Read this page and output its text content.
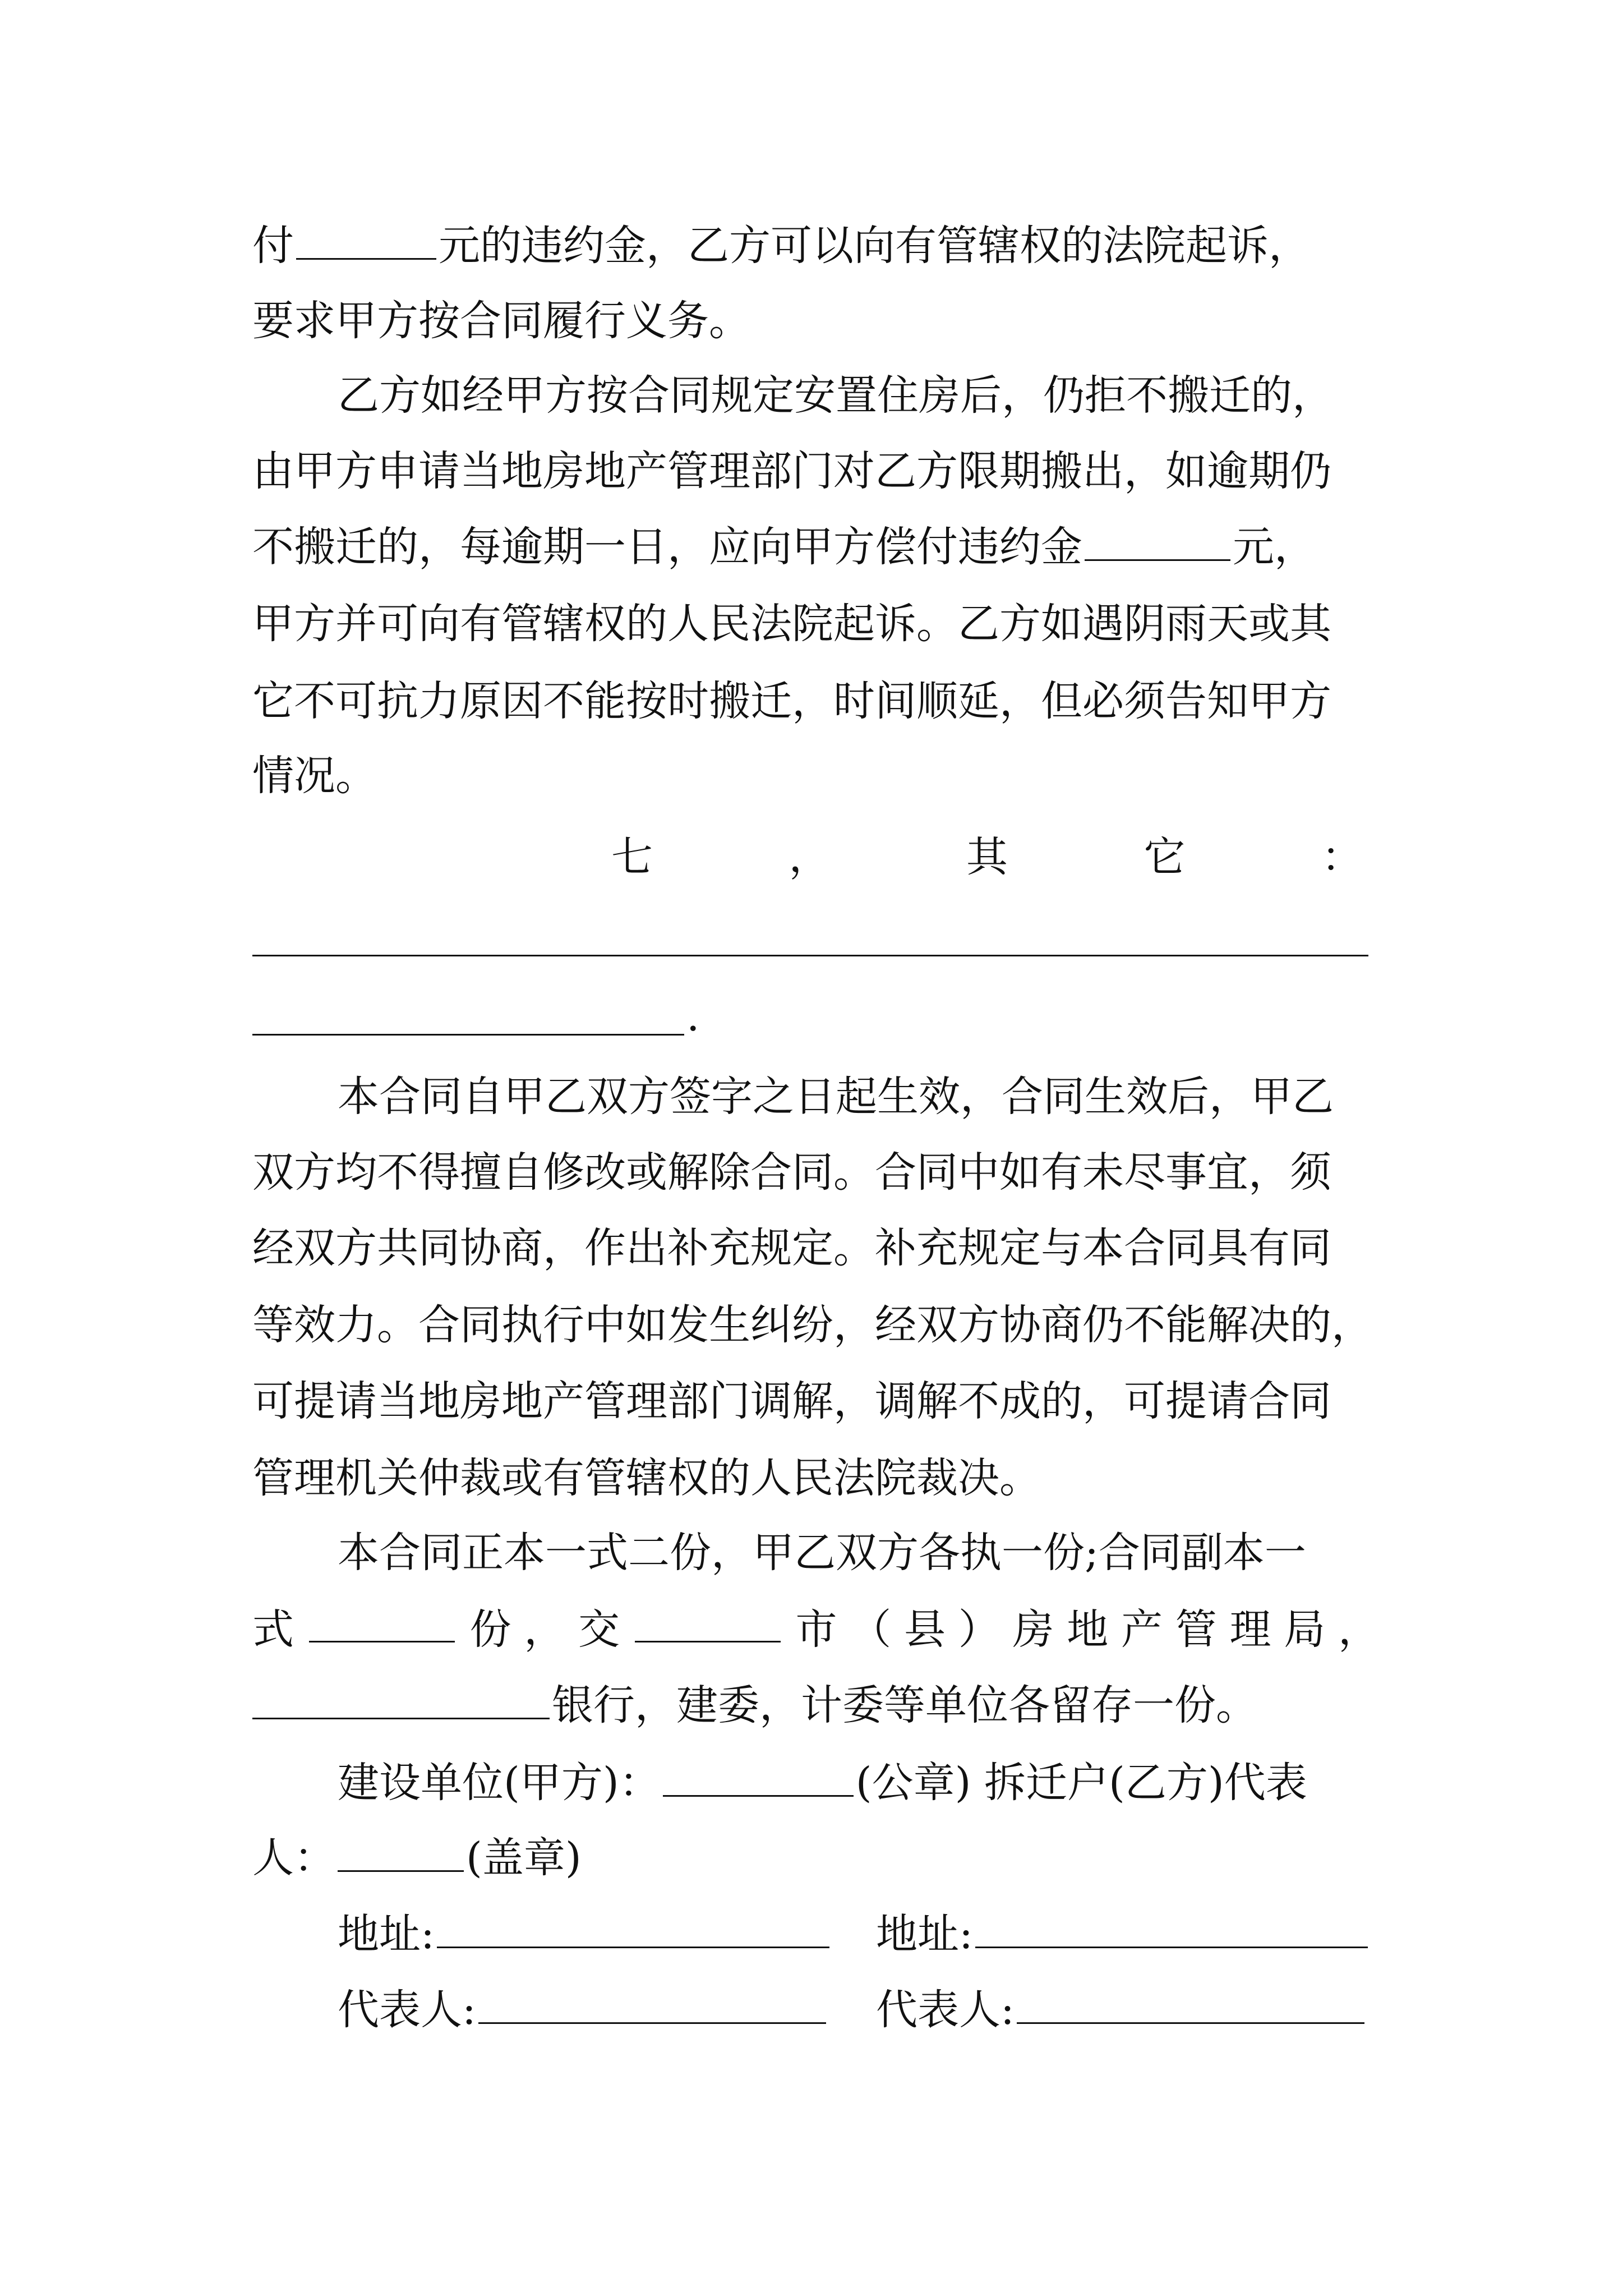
付	元的违约金，乙方可以向有管辖权的法院起诉，
要求甲方按合同履行义务。
乙方如经甲方按合同规定安置住房后，仍拒不搬迁的，
由甲方申请当地房地产管理部门对乙方限期搬出，如逾期仍
不搬迁的，每逾期一日，应向甲方偿付违约金	元，
甲方并可向有管辖权的人民法院起诉。乙方如遇阴雨天或其
它不可抗力原因不能按时搬迁，时间顺延，但必须告知甲方
情况。
七	，	其	它	：
.
本合同自甲乙双方签字之日起生效，合同生效后，甲乙
双方均不得擅自修改或解除合同。合同中如有未尽事宜，须
经双方共同协商，作出补充规定。补充规定与本合同具有同
等效力。合同执行中如发生纠纷，经双方协商仍不能解决的，
可提请当地房地产管理部门调解，调解不成的，可提请合同
管理机关仲裁或有管辖权的人民法院裁决。
本合同正本一式二份，甲乙双方各执一份;合同副本一
式	份 ， 交	市 （ 县 ） 房 地 产 管 理 局 ，
银行，建委，计委等单位各留存一份。
建设单位(甲方)：	(公章) 拆迁户(乙方)代表
人：	(盖章)
地址:	地址:
代表人:	代表人:
